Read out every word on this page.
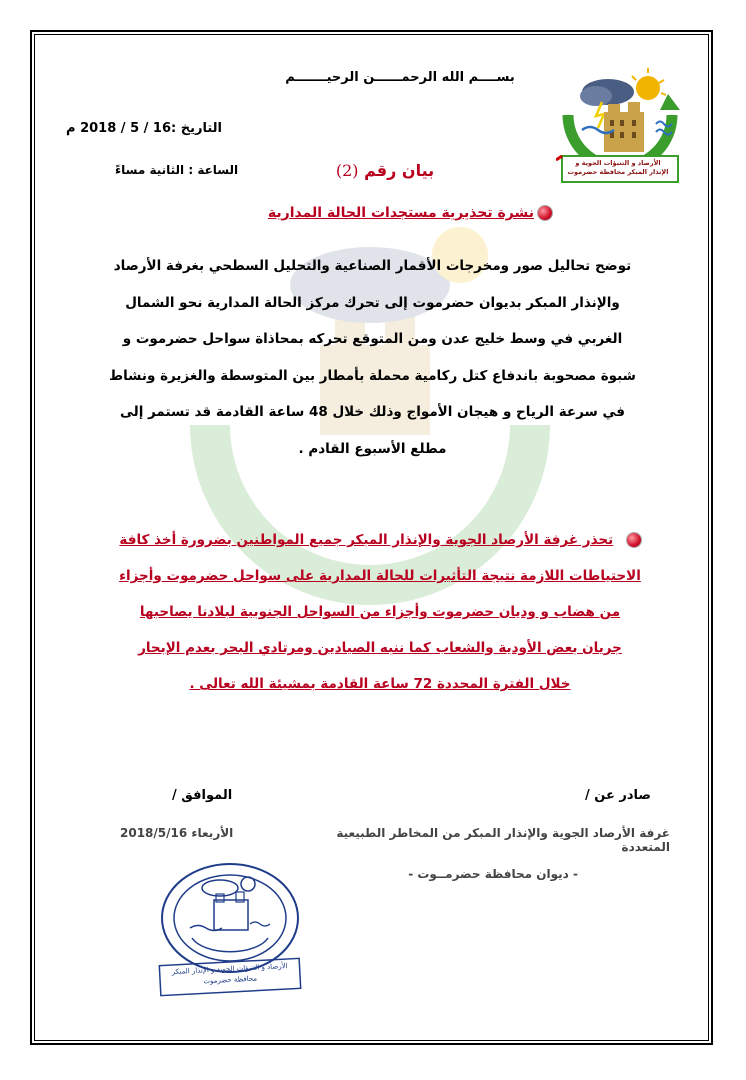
الأرصاد و التنبؤات الجوية و الإنذار المبكر محافظة حضرموت
بســــم الله الرحمــــــن الرحيـــــــم
التاريخ :16 / 5 / 2018 م
الساعة : الثانية مساءً	بيان رقم (2)
نشرة تحذيرية مستجدات الحالة المدارية
توضح تحاليل صور ومخرجات الأقمار الصناعية والتحليل السطحي بغرفة الأرصاد
والإنذار المبكر بديوان حضرموت إلى تحرك مركز الحالة المدارية نحو الشمال
الغربي في وسط خليج عدن ومن المتوقع تحركه بمحاذاة سواحل حضرموت و
شبوة مصحوبة باندفاع كتل ركامية محملة بأمطار بين المتوسطة والغزيرة ونشاط
في سرعة الرياح و هيجان الأمواج وذلك خلال 48 ساعة القادمة قد تستمر إلى
مطلع الأسبوع القادم .
تحذر غرفة الأرصاد الجوية والإنذار المبكر جميع المواطنين بضرورة أخذ كافة
الاحتياطات اللازمة نتيجة التأثيرات للحالة المدارية على سواحل حضرموت وأجزاء
من هضاب و وديان حضرموت وأجزاء من السواحل الجنوبية لبلادنا يصاحبها
جريان بعض الأودية والشعاب كما ننبه الصيادين ومرتادي البحر بعدم الإبحار
خلال الفترة المحددة 72 ساعة القادمة بمشيئة الله تعالى .
صادر عن /
الموافق /
غرفة الأرصاد الجوية والإنذار المبكر من المخاطر الطبيعية المتعددة
الأربعاء 2018/5/16
- ديوان محافظة حضرمــوت -
الأرصاد و التنبؤات الجوية و الإنذار المبكر
محافظة حضرموت
